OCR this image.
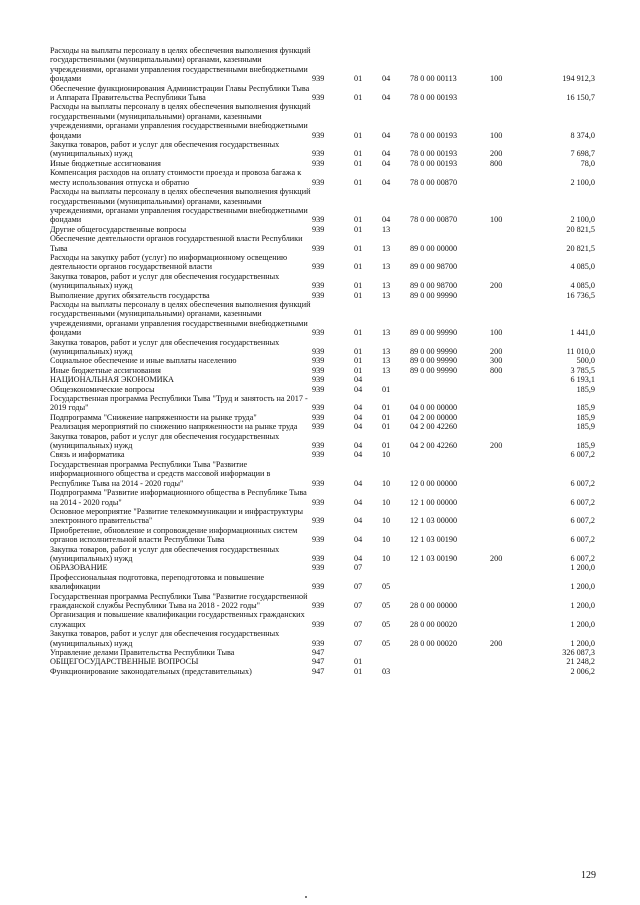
Расходы на выплаты персоналу в целях обеспечения выполнения функций государственными (муниципальными) органами, казенными учреждениями, органами управления государственными внебюджетными фондами	939	01	04	78 0 00 00113	100	194 912,3
Обеспечение функционирования Администрации Главы Республики Тыва и Аппарата Правительства Республики Тыва	939	01	04	78 0 00 00193		16 150,7
Расходы на выплаты персоналу в целях обеспечения выполнения функций государственными (муниципальными) органами, казенными учреждениями, органами управления государственными внебюджетными фондами	939	01	04	78 0 00 00193	100	8 374,0
Закупка товаров, работ и услуг для обеспечения государственных (муниципальных) нужд	939	01	04	78 0 00 00193	200	7 698,7
Иные бюджетные ассигнования	939	01	04	78 0 00 00193	800	78,0
Компенсация расходов на оплату стоимости проезда и провоза багажа к месту использования отпуска и обратно	939	01	04	78 0 00 00870		2 100,0
Расходы на выплаты персоналу в целях обеспечения выполнения функций государственными (муниципальными) органами, казенными учреждениями, органами управления государственными внебюджетными фондами	939	01	04	78 0 00 00870	100	2 100,0
Другие общегосударственные вопросы	939	01	13			20 821,5
Обеспечение деятельности органов государственной власти Республики Тыва	939	01	13	89 0 00 00000		20 821,5
Расходы на закупку работ (услуг) по информационному освещению деятельности органов государственной власти	939	01	13	89 0 00 98700		4 085,0
Закупка товаров, работ и услуг для обеспечения государственных (муниципальных) нужд	939	01	13	89 0 00 98700	200	4 085,0
Выполнение других обязательств государства	939	01	13	89 0 00 99990		16 736,5
Расходы на выплаты персоналу в целях обеспечения выполнения функций государственными (муниципальными) органами, казенными учреждениями, органами управления государственными внебюджетными фондами	939	01	13	89 0 00 99990	100	1 441,0
Закупка товаров, работ и услуг для обеспечения государственных (муниципальных) нужд	939	01	13	89 0 00 99990	200	11 010,0
Социальное обеспечение и иные выплаты населению	939	01	13	89 0 00 99990	300	500,0
Иные бюджетные ассигнования	939	01	13	89 0 00 99990	800	3 785,5
НАЦИОНАЛЬНАЯ ЭКОНОМИКА	939	04				6 193,1
Общеэкономические вопросы	939	04	01			185,9
Государственная программа Республики Тыва "Труд и занятость на 2017 - 2019 годы"	939	04	01	04 0 00 00000		185,9
Подпрограмма "Снижение напряженности на рынке труда"	939	04	01	04 2 00 00000		185,9
Реализация мероприятий по снижению напряженности на рынке труда	939	04	01	04 2 00 42260		185,9
Закупка товаров, работ и услуг для обеспечения государственных (муниципальных) нужд	939	04	01	04 2 00 42260	200	185,9
Связь и информатика	939	04	10			6 007,2
Государственная программа Республики Тыва "Развитие информационного общества и средств массовой информации в Республике Тыва на 2014 - 2020 годы"	939	04	10	12 0 00 00000		6 007,2
Подпрограмма "Развитие информационного общества в Республике Тыва на 2014 - 2020 годы"	939	04	10	12 1 00 00000		6 007,2
Основное мероприятие "Развитие телекоммуникации и инфраструктуры электронного правительства"	939	04	10	12 1 03 00000		6 007,2
Приобретение, обновление и сопровождение информационных систем органов исполнительной власти Республики Тыва	939	04	10	12 1 03 00190		6 007,2
Закупка товаров, работ и услуг для обеспечения государственных (муниципальных) нужд	939	04	10	12 1 03 00190	200	6 007,2
ОБРАЗОВАНИЕ	939	07				1 200,0
Профессиональная подготовка, переподготовка и повышение квалификации	939	07	05			1 200,0
Государственная программа Республики Тыва "Развитие государственной гражданской службы Республики Тыва на 2018 - 2022 годы"	939	07	05	28 0 00 00000		1 200,0
Организация и повышение квалификации государственных гражданских служащих	939	07	05	28 0 00 00020		1 200,0
Закупка товаров, работ и услуг для обеспечения государственных (муниципальных) нужд	939	07	05	28 0 00 00020	200	1 200,0
Управление делами Правительства Республики Тыва	947					326 087,3
ОБЩЕГОСУДАРСТВЕННЫЕ ВОПРОСЫ	947	01				21 248,2
Функционирование законодательных (представительных)	947	01	03			2 006,2
129
